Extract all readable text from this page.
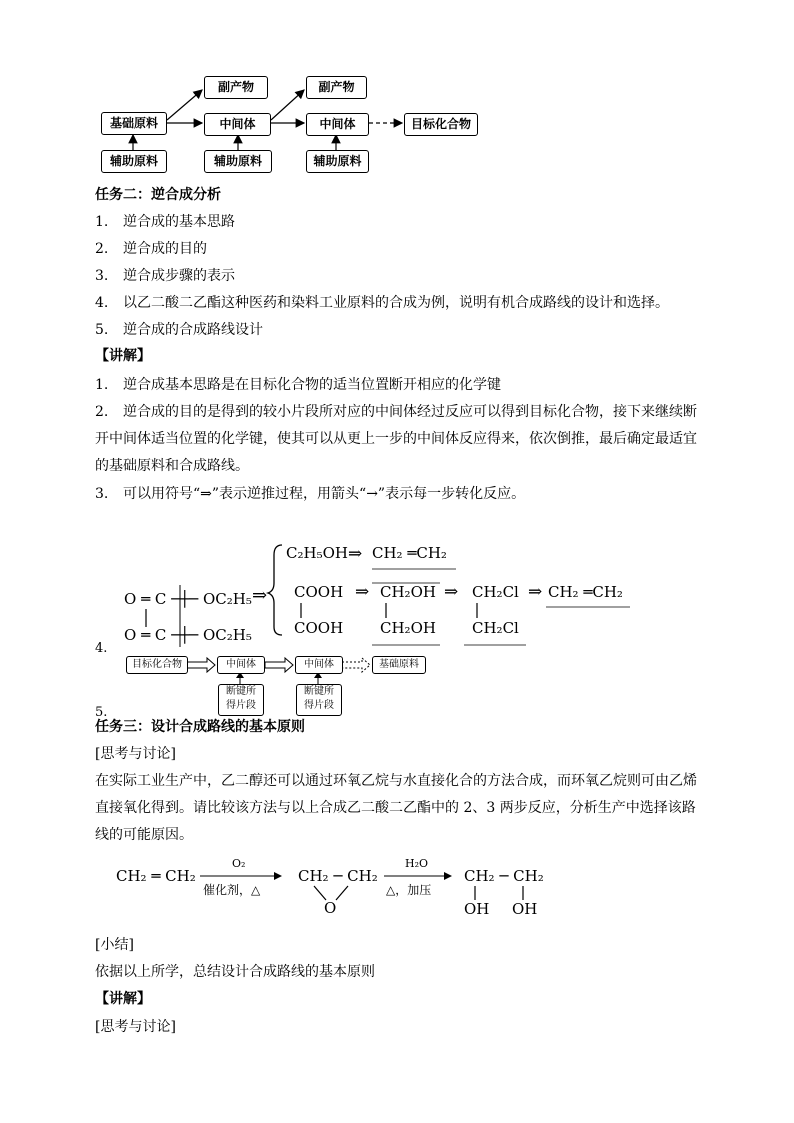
基础原料
辅助原料
副产物
中间体
辅助原料
副产物
中间体
辅助原料
目标化合物
任务二：逆合成分析
1. 逆合成的基本思路
2. 逆合成的目的
3. 逆合成步骤的表示
4. 以乙二酸二乙酯这种医药和染料工业原料的合成为例，说明有机合成路线的设计和选择。
5. 逆合成的合成路线设计
【讲解】
1. 逆合成基本思路是在目标化合物的适当位置断开相应的化学键
2. 逆合成的目的是得到的较小片段所对应的中间体经过反应可以得到目标化合物，接下来继续断
开中间体适当位置的化学键，使其可以从更上一步的中间体反应得来，依次倒推，最后确定最适宜
的基础原料和合成路线。
3. 可以用符号“⇒”表示逆推过程，用箭头“→”表示每一步转化反应。
O ═ C ─┼─ OC₂H₅
O ═ C ─┼─ OC₂H₅
⇒
C₂H₅OH ⇒ CH₂ ═CH₂
COOH
COOH
⇒ CH₂OH
CH₂OH
⇒ CH₂Cl
CH₂Cl
⇒ CH₂ ═CH₂
4.
目标化合物	中间体	中间体	基础原料
断键所
得片段
断键所
得片段
5.
任务三：设计合成路线的基本原则
[思考与讨论]
在实际工业生产中，乙二醇还可以通过环氧乙烷与水直接化合的方法合成，而环氧乙烷则可由乙烯
直接氧化得到。请比较该方法与以上合成乙二酸二乙酯中的 2、3 两步反应，分析生产中选择该路
线的可能原因。
CH₂ ═ CH₂
O₂
催化剂，△
CH₂ ─ CH₂
O
H₂O
△，加压
CH₂ ─ CH₂
OH OH
[小结]
依据以上所学，总结设计合成路线的基本原则
【讲解】
[思考与讨论]
